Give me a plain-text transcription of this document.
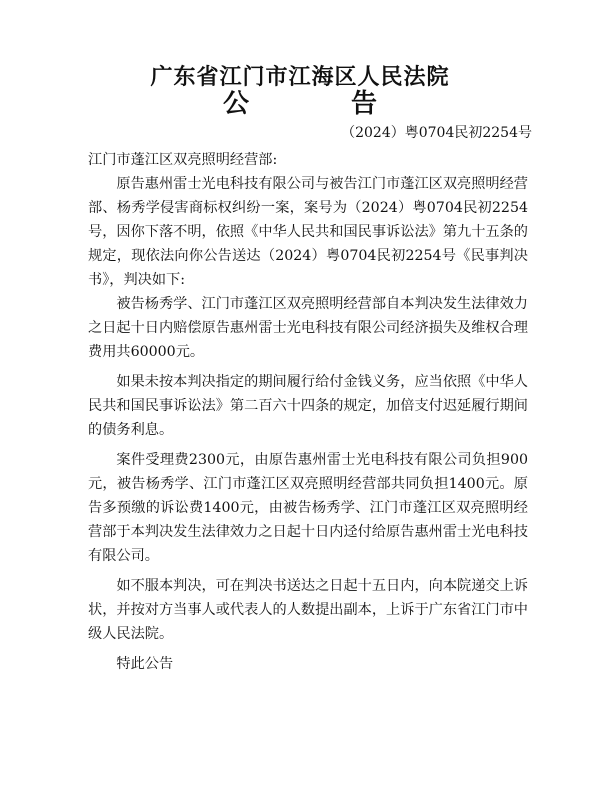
广东省江门市江海区人民法院
公　告
（2024）粤0704民初2254号

江门市蓬江区双亮照明经营部:

原告惠州雷士光电科技有限公司与被告江门市蓬江区双亮照明经营部、杨秀学侵害商标权纠纷一案，案号为（2024）粤0704民初2254号，因你下落不明，依照《中华人民共和国民事诉讼法》第九十五条的规定，现依法向你公告送达（2024）粤0704民初2254号《民事判决书》，判决如下:

被告杨秀学、江门市蓬江区双亮照明经营部自本判决发生法律效力之日起十日内赔偿原告惠州雷士光电科技有限公司经济损失及维权合理费用共60000元。

如果未按本判决指定的期间履行给付金钱义务，应当依照《中华人民共和国民事诉讼法》第二百六十四条的规定，加倍支付迟延履行期间的债务利息。

案件受理费2300元，由原告惠州雷士光电科技有限公司负担900元，被告杨秀学、江门市蓬江区双亮照明经营部共同负担1400元。原告多预缴的诉讼费1400元，由被告杨秀学、江门市蓬江区双亮照明经营部于本判决发生法律效力之日起十日内迳付给原告惠州雷士光电科技有限公司。

如不服本判决，可在判决书送达之日起十五日内，向本院递交上诉状，并按对方当事人或代表人的人数提出副本，上诉于广东省江门市中级人民法院。

特此公告
